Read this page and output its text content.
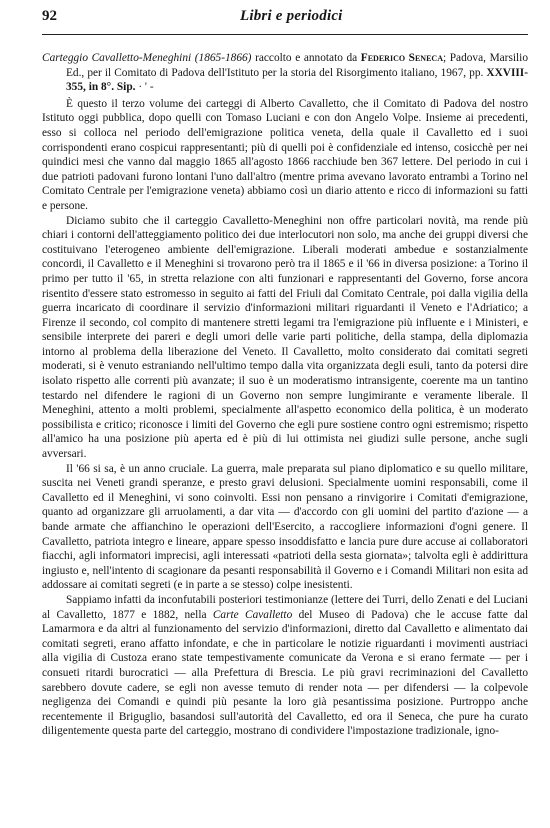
92	Libri e periodici

Carteggio Cavalletto-Meneghini (1865-1866) raccolto e annotato da Federico Seneca; Padova, Marsilio Ed., per il Comitato di Padova dell'Istituto per la storia del Risorgimento italiano, 1967, pp. XXVIII-355, in 8°. Sip. · ' -

È questo il terzo volume dei carteggi di Alberto Cavalletto, che il Comitato di Padova del nostro Istituto oggi pubblica, dopo quelli con Tomaso Luciani e con don Angelo Volpe. Insieme ai precedenti, esso si colloca nel periodo dell'emigrazione politica veneta, della quale il Cavalletto ed i suoi corrispondenti erano cospicui rappresentanti; più di quelli poi è confidenziale ed intenso, cosicchè per nei quindici mesi che vanno dal maggio 1865 all'agosto 1866 racchiude ben 367 lettere. Del periodo in cui i due patrioti padovani furono lontani l'uno dall'altro (mentre prima avevano lavorato entrambi a Torino nel Comitato Centrale per l'emigrazione veneta) abbiamo così un diario attento e ricco di informazioni su fatti e persone.

Diciamo subito che il carteggio Cavalletto-Meneghini non offre particolari novità, ma rende più chiari i contorni dell'atteggiamento politico dei due interlocutori non solo, ma anche dei gruppi diversi che costituivano l'eterogeneo ambiente dell'emigrazione. Liberali moderati ambedue e sostanzialmente concordi, il Cavalletto e il Meneghini si trovarono però tra il 1865 e il '66 in diversa posizione: a Torino il primo per tutto il '65, in stretta relazione con alti funzionari e rappresentanti del Governo, forse ancora risentito d'essere stato estromesso in seguito ai fatti del Friuli dal Comitato Centrale, poi dalla vigilia della guerra incaricato di coordinare il servizio d'informazioni militari riguardanti il Veneto e l'Adriatico; a Firenze il secondo, col compito di mantenere stretti legami tra l'emigrazione più influente e i Ministeri, e sensibile interprete dei pareri e degli umori delle varie parti politiche, della stampa, della diplomazia intorno al problema della liberazione del Veneto. Il Cavalletto, molto considerato dai comitati segreti moderati, si è venuto estraniando nell'ultimo tempo dalla vita organizzata degli esuli, tanto da potersi dire isolato rispetto alle correnti più avanzate; il suo è un moderatismo intransigente, coerente ma un tantino testardo nel difendere le ragioni di un Governo non sempre lungimirante e veramente liberale. Il Meneghini, attento a molti problemi, specialmente all'aspetto economico della politica, è un moderato possibilista e critico; riconosce i limiti del Governo che egli pure sostiene contro ogni estremismo; rispetto all'amico ha una posizione più aperta ed è più di lui ottimista nei giudizi sulle persone, anche sugli avversari.

Il '66 si sa, è un anno cruciale. La guerra, male preparata sul piano diplomatico e su quello militare, suscita nei Veneti grandi speranze, e presto gravi delusioni. Specialmente uomini responsabili, come il Cavalletto ed il Meneghini, vi sono coinvolti. Essi non pensano a rinvigorire i Comitati d'emigrazione, quanto ad organizzare gli arruolamenti, a dar vita — d'accordo con gli uomini del partito d'azione — a bande armate che affianchino le operazioni dell'Esercito, a raccogliere informazioni d'ogni genere. Il Cavalletto, patriota integro e lineare, appare spesso insoddisfatto e lancia pure dure accuse ai collaboratori fiacchi, agli informatori imprecisi, agli interessati «patrioti della sesta giornata»; talvolta egli è addirittura ingiusto e, nell'intento di scagionare da pesanti responsabilità il Governo e i Comandi Militari non esita ad addossare ai comitati segreti (e in parte a se stesso) colpe inesistenti.

Sappiamo infatti da inconfutabili posteriori testimonianze (lettere dei Turri, dello Zenati e del Luciani al Cavalletto, 1877 e 1882, nella Carte Cavalletto del Museo di Padova) che le accuse fatte dal Lamarmora e da altri al funzionamento del servizio d'informazioni, diretto dal Cavalletto e alimentato dai comitati segreti, erano affatto infondate, e che in particolare le notizie riguardanti i movimenti austriaci alla vigilia di Custoza erano state tempestivamente comunicate da Verona e si erano fermate — per i consueti ritardi burocratici — alla Prefettura di Brescia. Le più gravi recriminazioni del Cavalletto sarebbero dovute cadere, se egli non avesse temuto di render nota — per difendersi — la colpevole negligenza dei Comandi e quindi più pesante la loro già pesantissima posizione. Purtroppo anche recentemente il Briguglio, basandosi sull'autorità del Cavalletto, ed ora il Seneca, che pure ha curato diligentemente questa parte del carteggio, mostrano di condividere l'impostazione tradizionale, igno-
